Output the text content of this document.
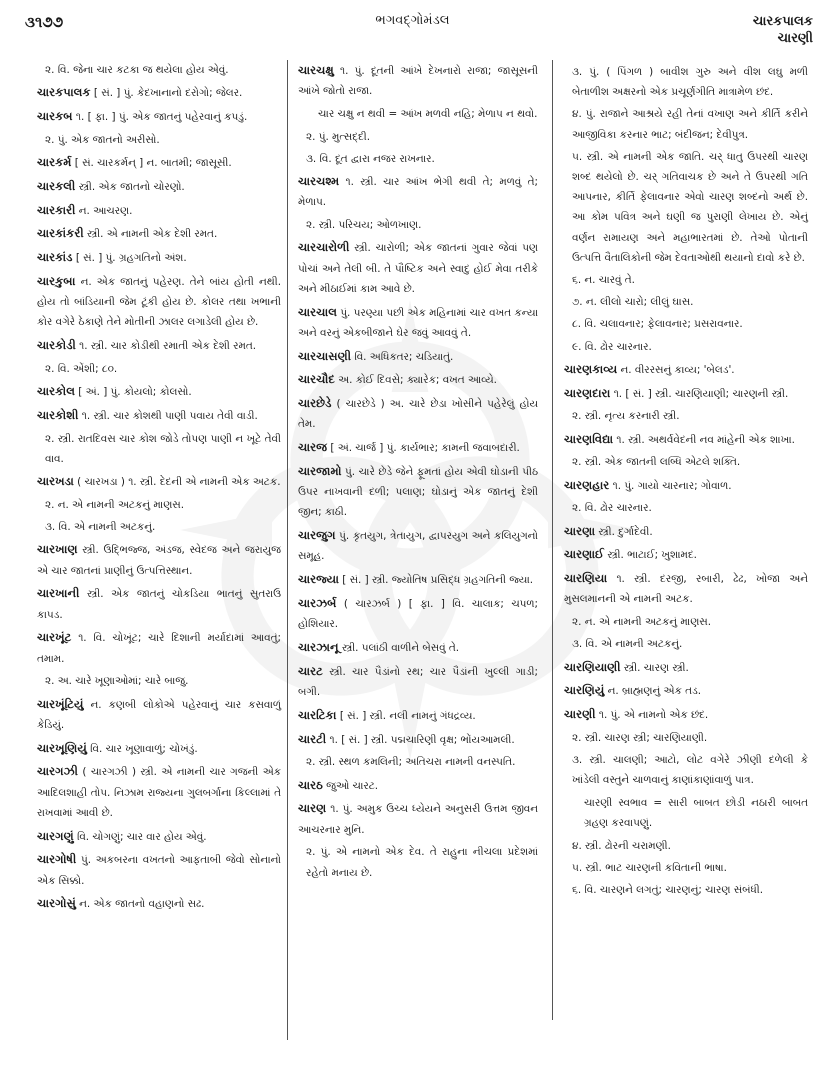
૩૧૭૭	ભગવદ્ગોમંડલ	ચારકપાલક
ચારણી

૨. વિ. જેના ચાર કટકા જ થયેલા હોય એવું.

ચારકપાલક [ સં. ] પું. કેદખાનાનો દરોગો; જેલર.

ચારકબ ૧. [ ફા. ] પું. એક જાતનું પહેરવાનું કપડું.

૨. પું. એક જાતનો અરીસો.

ચારકર્મ [ સં. ચારકર્મન્ ] ન. બાતમી; જાસૂસી.

ચારકલી સ્ત્રી. એક જાતનો ચોરણો.

ચારકારી ન. આચરણ.

ચારકાંકરી સ્ત્રી. એ નામની એક દેશી રમત.

ચારકાંડ [ સં. ] પું. ગ્રહગતિનો અંશ.

ચારકુબા ન. એક જાતનું પહેરણ. તેને બાંય હોતી નથી. હોય તો બાંડિયાની જેમ ટૂંકી હોય છે. કોલર તથા ખભાની કોર વગેરે ઠેકાણે તેને મોતીની ઝાલર લગાડેલી હોય છે.

ચારકોડી ૧. સ્ત્રી. ચાર કોડીથી રમાતી એક દેશી રમત.

૨. વિ. એંશી; ૮૦.

ચારકોલ [ અં. ] પું. કોયલો; કોલસો.

ચારકોશી ૧. સ્ત્રી. ચાર કોશથી પાણી પવાય તેવી વાડી.

૨. સ્ત્રી. રાતદિવસ ચાર કોશ જોડે તોપણ પાણી ન ખૂટે તેવી વાવ.

ચારખડા ( ચારખડા ) ૧. સ્ત્રી. દેદની એ નામની એક અટક.

૨. ન. એ નામની અટકનું માણસ.

૩. વિ. એ નામની અટકનું.

ચારખાણ સ્ત્રી. ઉદ્ભિજ્જ, અંડજ, સ્વેદજ અને જરાયુજ એ ચાર જાતનાં પ્રાણીનું ઉત્પત્તિસ્થાન.

ચારખાની સ્ત્રી. એક જાતનું ચોકડિયા ભાતનું સુતરાઉ કાપડ.

ચારખૂંટ ૧. વિ. ચોખૂંટ; ચારે દિશાની મર્યાદામાં આવતું; તમામ.

૨. અ. ચારે ખૂણાઓમાં; ચારે બાજુ.

ચારખૂંટિયું ન. કણબી લોકોએ પહેરવાનું ચાર કસવાળું કેડિયું.

ચારખૂણિયું વિ. ચાર ખૂણાવાળું; ચોખંડું.

ચારગઝી ( ચારગઝી ) સ્ત્રી. એ નામની ચાર ગજની એક આદિલશાહી તોપ. નિઝામ રાજ્યના ગુલબર્ગાના કિલ્લામાં તે રાખવામાં આવી છે.

ચારગણું વિ. ચોગણું; ચાર વાર હોય એવું.

ચારગોષી પું. અકબરના વખતનો આફતાબી જેવો સોનાનો એક સિક્કો.

ચારગોસું ન. એક જાતનો વહાણનો સઢ.

ચારચક્ષુ ૧. પું. દૂતની આંખે દેખનારો રાજા; જાસૂસની આંખે જોતો રાજા.

ચાર ચક્ષુ ન થવી = આંખ મળવી નહિ; મેળાપ ન થવો.

૨. પું. મુત્સદ્દી.

૩. વિ. દૂત દ્વારા નજર રાખનાર.

ચારચશ્મ ૧. સ્ત્રી. ચાર આંખ ભેગી થવી તે; મળવું તે; મેળાપ.

૨. સ્ત્રી. પરિચય; ઓળખાણ.

ચારચારોળી સ્ત્રી. ચારોળી; એક જાતનાં ગુવાર જેવાં પણ પોચાં અને તેલી બી. તે પૌષ્ટિક અને સ્વાદુ હોઈ મેવા તરીકે અને મીઠાઈમાં કામ આવે છે.

ચારચાલ પું. પરણ્યા પછી એક મહિનામાં ચાર વખત કન્યા અને વરનું એકબીજાને ઘેર જવું આવવું તે.

ચારચાસણી વિ. અધિકતર; ચડિયાતું.

ચારચૌદ અ. કોઈ દિવસે; ક્યારેક; વખત આવ્યે.

ચારછેડે ( ચારછેડે ) અ. ચારે છેડા ખોસીને પહેરેલું હોય તેમ.

ચારજ [ અં. ચાર્જ ] પું. કાર્યભાર; કામની જવાબદારી.

ચારજામો પું. ચારે છેડે જેને ફૂમતાં હોય એવી ઘોડાની પીઠ ઉપર નાખવાની દળી; પલાણ; ઘોડાનું એક જાતનું દેશી જીન; કાઠી.

ચારજુગ પું. કૃતયુગ, ત્રેતાયુગ, દ્વાપરયુગ અને કલિયુગનો સમૂહ.

ચારજ્યા [ સં. ] સ્ત્રી. જ્યોતિષ પ્રસિદ્ધ ગ્રહગતિની જ્યા.

ચારઝર્બ ( ચારઝર્બ ) [ ફા. ] વિ. ચાલાક; ચપળ; હોશિયાર.

ચારઝાનૂ સ્ત્રી. પલાંઠી વાળીને બેસવું તે.

ચારટ સ્ત્રી. ચાર પૈડાંનો રથ; ચાર પૈડાંની ખુલ્લી ગાડી; બગી.

ચારટિકા [ સં. ] સ્ત્રી. નલી નામનું ગંધદ્રવ્ય.

ચારટી ૧. [ સં. ] સ્ત્રી. પદ્મચારિણી વૃક્ષ; ભોંયઆમલી.

૨. સ્ત્રી. સ્થળ કમલિની; અતિચરા નામની વનસ્પતિ.

ચારઠ જુઓ ચારટ.

ચારણ ૧. પું. અમુક ઉચ્ચ ધ્યેયને અનુસરી ઉત્તમ જીવન આચરનાર મુનિ.

૨. પું. એ નામનો એક દેવ. તે રાહુના નીચલા પ્રદેશમાં રહેતો મનાય છે.

૩. પું. ( પિંગળ ) બાવીશ ગુરુ અને વીશ લઘુ મળી બેતાળીશ અક્ષરનો એક પ્રચૂર્ણગીતિ માત્રામેળ છંદ.

૪. પું. રાજાને આશ્રયે રહી તેનાં વખાણ અને કીર્તિ કરીને આજીવિકા કરનાર ભાટ; બંદીજન; દેવીપુત્ર.

૫. સ્ત્રી. એ નામની એક જાતિ. ચર્ ધાતુ ઉપરથી ચારણ શબ્દ થયેલો છે. ચર્ ગતિવાચક છે અને તે ઉપરથી ગતિ આપનાર, કીર્તિ ફેલાવનાર એવો ચારણ શબ્દનો અર્થ છે. આ કોમ પવિત્ર અને ઘણી જ પુરાણી લેખાય છે. એનું વર્ણન રામાયણ અને મહાભારતમાં છે. તેઓ પોતાની ઉત્પત્તિ વૈતાલિકોની જેમ દેવતાઓથી થયાનો દાવો કરે છે.

૬. ન. ચારવું તે.

૭. ન. લીલો ચારો; લીલું ઘાસ.

૮. વિ. ચલાવનાર; ફેલાવનાર; પ્રસરાવનાર.

૯. વિ. ઢોર ચારનાર.

ચારણકાવ્ય ન. વીરરસનું કાવ્ય; 'બેલડ'.

ચારણદારા ૧. [ સં. ] સ્ત્રી. ચારણિયાણી; ચારણની સ્ત્રી.

૨. સ્ત્રી. નૃત્ય કરનારી સ્ત્રી.

ચારણવિદ્યા ૧. સ્ત્રી. અથર્વવેદની નવ માંહેની એક શાખા.

૨. સ્ત્રી. એક જાતની લબ્ધિ એટલે શક્તિ.

ચારણહાર ૧. પું. ગાયો ચારનાર; ગોવાળ.

૨. વિ. ઢોર ચારનાર.

ચારણા સ્ત્રી. દુર્ગાદેવી.

ચારણાઈ સ્ત્રી. ભાટાઈ; ખુશામદ.

ચારણિયા ૧. સ્ત્રી. દરજી, રબારી, ઢેઢ, ખોજા અને મુસલમાનની એ નામની અટક.

૨. ન. એ નામની અટકનું માણસ.

૩. વિ. એ નામની અટકનું.

ચારણિયાણી સ્ત્રી. ચારણ સ્ત્રી.

ચારણિયું ન. બ્રાહ્મણનું એક તડ.

ચારણી ૧. પું. એ નામનો એક છંદ.

૨. સ્ત્રી. ચારણ સ્ત્રી; ચારણિયાણી.

૩. સ્ત્રી. ચાલણી; આટો, લોટ વગેરે ઝીણી દળેલી કે ખાંડેલી વસ્તુને ચાળવાનું કાણાંકાણાંવાળું પાત્ર.

ચારણી સ્વભાવ = સારી બાબત છોડી નઠારી બાબત ગ્રહણ કરવાપણું.

૪. સ્ત્રી. ઢોરની ચરામણી.

૫. સ્ત્રી. ભાટ ચારણની કવિતાની ભાષા.

૬. વિ. ચારણને લગતું; ચારણનું; ચારણ સંબંધી.
